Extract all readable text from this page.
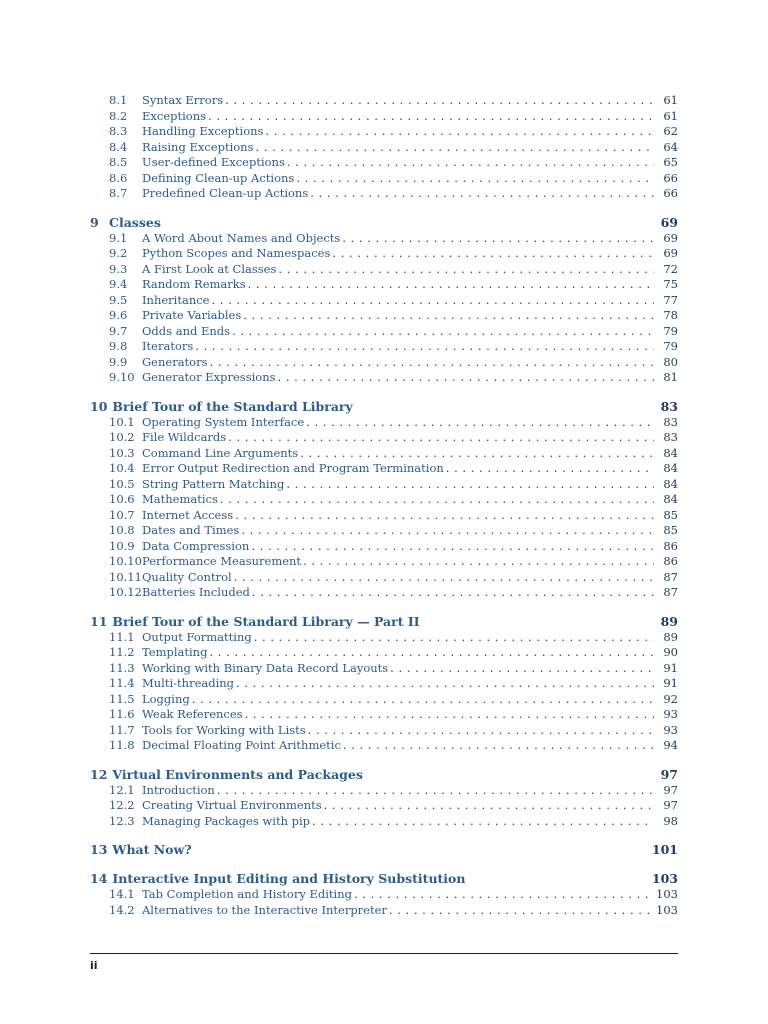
8.1	Syntax Errors . . .	61
8.2	Exceptions . . .	61
8.3	Handling Exceptions . . .	62
8.4	Raising Exceptions . . .	64
8.5	User-defined Exceptions . . .	65
8.6	Defining Clean-up Actions . . .	66
8.7	Predefined Clean-up Actions . . .	66
9 Classes	69
9.1	A Word About Names and Objects . . .	69
9.2	Python Scopes and Namespaces . . .	69
9.3	A First Look at Classes . . .	72
9.4	Random Remarks . . .	75
9.5	Inheritance . . .	77
9.6	Private Variables . . .	78
9.7	Odds and Ends . . .	79
9.8	Iterators . . .	79
9.9	Generators . . .	80
9.10 Generator Expressions . . .	81
10 Brief Tour of the Standard Library	83
10.1 Operating System Interface . . .	83
10.2 File Wildcards . . .	83
10.3 Command Line Arguments . . .	84
10.4 Error Output Redirection and Program Termination . . .	84
10.5 String Pattern Matching . . .	84
10.6 Mathematics . . .	84
10.7 Internet Access . . .	85
10.8 Dates and Times . . .	85
10.9 Data Compression . . .	86
10.10 Performance Measurement . . .	86
10.11 Quality Control . . .	87
10.12 Batteries Included . . .	87
11 Brief Tour of the Standard Library — Part II	89
11.1 Output Formatting . . .	89
11.2 Templating . . .	90
11.3 Working with Binary Data Record Layouts . . .	91
11.4 Multi-threading . . .	91
11.5 Logging . . .	92
11.6 Weak References . . .	93
11.7 Tools for Working with Lists . . .	93
11.8 Decimal Floating Point Arithmetic . . .	94
12 Virtual Environments and Packages	97
12.1 Introduction . . .	97
12.2 Creating Virtual Environments . . .	97
12.3 Managing Packages with pip . . .	98
13 What Now?	101
14 Interactive Input Editing and History Substitution	103
14.1 Tab Completion and History Editing . . .	103
14.2 Alternatives to the Interactive Interpreter . . .	103
ii
